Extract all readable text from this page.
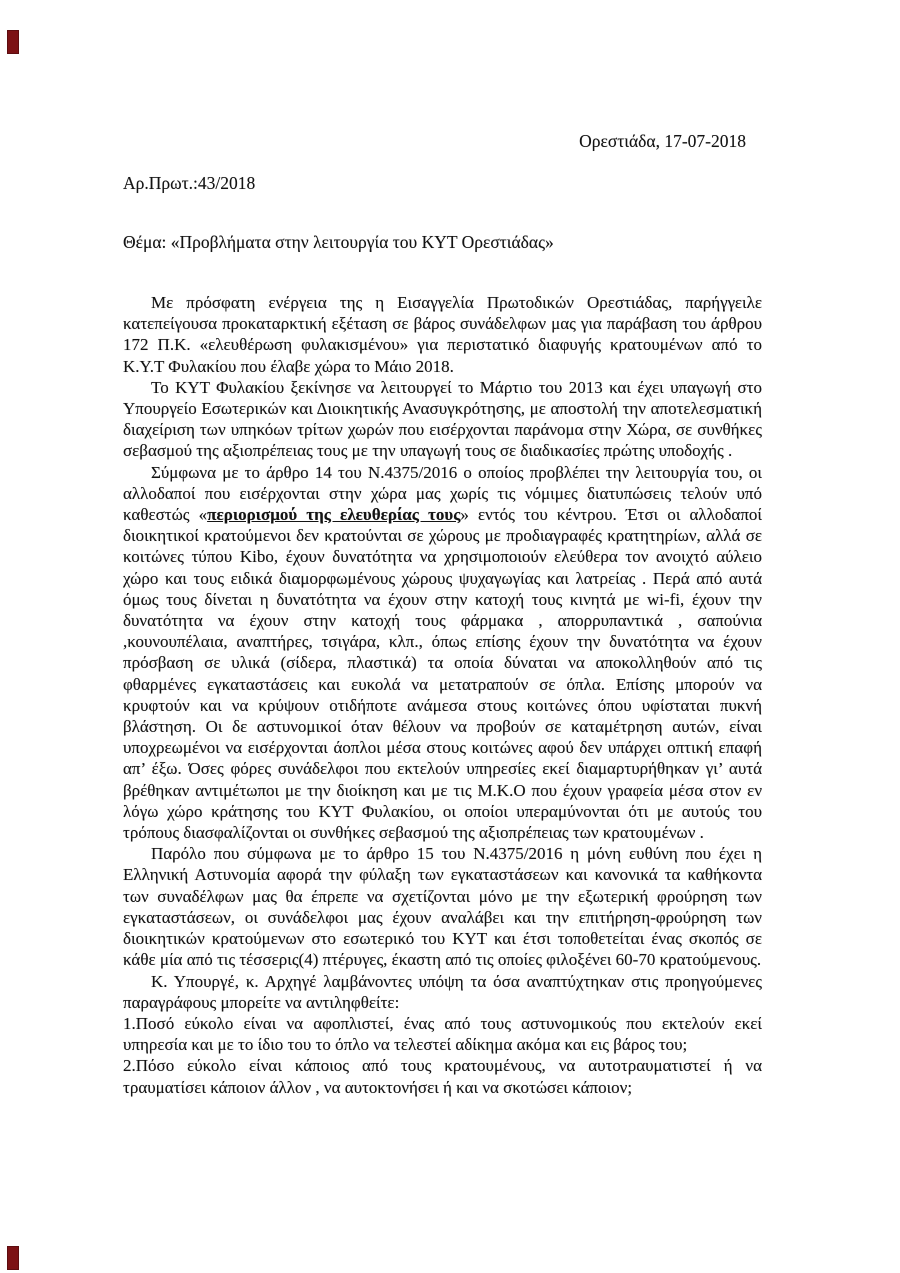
Ορεστιάδα, 17-07-2018
Αρ.Πρωτ.:43/2018
Θέμα: «Προβλήματα στην λειτουργία του ΚΥΤ Ορεστιάδας»

Με πρόσφατη ενέργεια της η Εισαγγελία Πρωτοδικών Ορεστιάδας, παρήγγειλε κατεπείγουσα προκαταρκτική εξέταση σε βάρος συνάδελφων μας για παράβαση του άρθρου 172 Π.Κ. «ελευθέρωση φυλακισμένου» για περιστατικό διαφυγής κρατουμένων από το Κ.Υ.Τ Φυλακίου που έλαβε χώρα το Μάιο 2018.

Το ΚΥΤ Φυλακίου ξεκίνησε να λειτουργεί το Μάρτιο του 2013 και έχει υπαγωγή στο Υπουργείο Εσωτερικών και Διοικητικής Ανασυγκρότησης, με αποστολή την αποτελεσματική διαχείριση των υπηκόων τρίτων χωρών που εισέρχονται παράνομα στην Χώρα, σε συνθήκες σεβασμού της αξιοπρέπειας τους με την υπαγωγή τους σε διαδικασίες πρώτης υποδοχής .

Σύμφωνα με το άρθρο 14 του Ν.4375/2016 ο οποίος προβλέπει την λειτουργία του, οι αλλοδαποί που εισέρχονται στην χώρα μας χωρίς τις νόμιμες διατυπώσεις τελούν υπό καθεστώς «περιορισμού της ελευθερίας τους» εντός του κέντρου. Έτσι οι αλλοδαποί διοικητικοί κρατούμενοι δεν κρατούνται σε χώρους με προδιαγραφές κρατητηρίων, αλλά σε κοιτώνες τύπου Kibo, έχουν δυνατότητα να χρησιμοποιούν ελεύθερα τον ανοιχτό αύλειο χώρο και τους ειδικά διαμορφωμένους χώρους ψυχαγωγίας και λατρείας . Περά από αυτά όμως τους δίνεται η δυνατότητα να έχουν στην κατοχή τους κινητά με wi-fi, έχουν την δυνατότητα να έχουν στην κατοχή τους φάρμακα , απορρυπαντικά , σαπούνια ,κουνουπέλαια, αναπτήρες, τσιγάρα, κλπ., όπως επίσης έχουν την δυνατότητα να έχουν πρόσβαση σε υλικά (σίδερα, πλαστικά) τα οποία δύναται να αποκολληθούν από τις φθαρμένες εγκαταστάσεις και ευκολά να μετατραπούν σε όπλα. Επίσης μπορούν να κρυφτούν και να κρύψουν οτιδήποτε ανάμεσα στους κοιτώνες όπου υφίσταται πυκνή βλάστηση. Οι δε αστυνομικοί όταν θέλουν να προβούν σε καταμέτρηση αυτών, είναι υποχρεωμένοι να εισέρχονται άοπλοι μέσα στους κοιτώνες αφού δεν υπάρχει οπτική επαφή απ’ έξω. Όσες φόρες συνάδελφοι που εκτελούν υπηρεσίες εκεί διαμαρτυρήθηκαν γι’ αυτά βρέθηκαν αντιμέτωποι με την διοίκηση και με τις Μ.Κ.Ο που έχουν γραφεία μέσα στον εν λόγω χώρο κράτησης του ΚΥΤ Φυλακίου, οι οποίοι υπεραμύνονται ότι με αυτούς του τρόπους διασφαλίζονται οι συνθήκες σεβασμού της αξιοπρέπειας των κρατουμένων .

Παρόλο που σύμφωνα με το άρθρο 15 του Ν.4375/2016 η μόνη ευθύνη που έχει η Ελληνική Αστυνομία αφορά την φύλαξη των εγκαταστάσεων και κανονικά τα καθήκοντα των συναδέλφων μας θα έπρεπε να σχετίζονται μόνο με την εξωτερική φρούρηση των εγκαταστάσεων, οι συνάδελφοι μας έχουν αναλάβει και την επιτήρηση-φρούρηση των διοικητικών κρατούμενων στο εσωτερικό του ΚΥΤ και έτσι τοποθετείται ένας σκοπός σε κάθε μία από τις τέσσερις(4) πτέρυγες, έκαστη από τις οποίες φιλοξένει 60-70 κρατούμενους.

Κ. Υπουργέ, κ. Αρχηγέ λαμβάνοντες υπόψη τα όσα αναπτύχτηκαν στις προηγούμενες παραγράφους μπορείτε να αντιληφθείτε:

1.Ποσό εύκολο είναι να αφοπλιστεί, ένας από τους αστυνομικούς που εκτελούν εκεί υπηρεσία και με το ίδιο του το όπλο να τελεστεί αδίκημα ακόμα και εις βάρος του;

2.Πόσο εύκολο είναι κάποιος από τους κρατουμένους, να αυτοτραυματιστεί ή να τραυματίσει κάποιον άλλον , να αυτοκτονήσει ή και να σκοτώσει κάποιον;
